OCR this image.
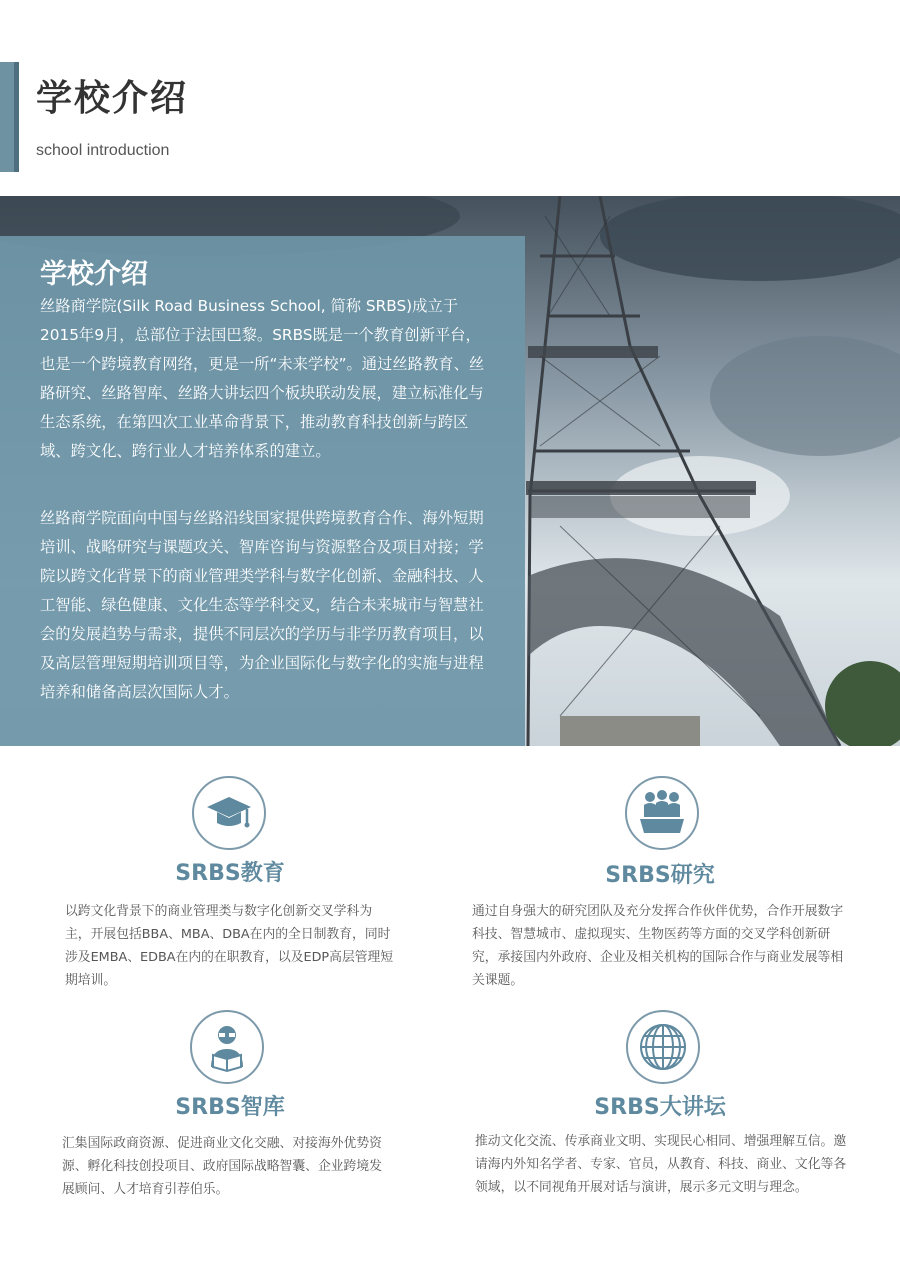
学校介绍
school introduction
学校介绍

丝路商学院(Silk Road Business School, 简称 SRBS)成立于2015年9月，总部位于法国巴黎。SRBS既是一个教育创新平台，也是一个跨境教育网络，更是一所“未来学校”。通过丝路教育、丝路研究、丝路智库、丝路大讲坛四个板块联动发展，建立标准化与生态系统，在第四次工业革命背景下，推动教育科技创新与跨区域、跨文化、跨行业人才培养体系的建立。

丝路商学院面向中国与丝路沿线国家提供跨境教育合作、海外短期培训、战略研究与课题攻关、智库咨询与资源整合及项目对接；学院以跨文化背景下的商业管理类学科与数字化创新、金融科技、人工智能、绿色健康、文化生态等学科交叉，结合未来城市与智慧社会的发展趋势与需求，提供不同层次的学历与非学历教育项目，以及高层管理短期培训项目等，为企业国际化与数字化的实施与进程培养和储备高层次国际人才。

SRBS教育

以跨文化背景下的商业管理类与数字化创新交叉学科为主，开展包括BBA、MBA、DBA在内的全日制教育，同时涉及EMBA、EDBA在内的在职教育，以及EDP高层管理短期培训。

SRBS研究

通过自身强大的研究团队及充分发挥合作伙伴优势，合作开展数字科技、智慧城市、虚拟现实、生物医药等方面的交叉学科创新研究，承接国内外政府、企业及相关机构的国际合作与商业发展等相关课题。

SRBS智库

汇集国际政商资源、促进商业文化交融、对接海外优势资源、孵化科技创投项目、政府国际战略智囊、企业跨境发展顾问、人才培育引荐伯乐。

SRBS大讲坛

推动文化交流、传承商业文明、实现民心相同、增强理解互信。邀请海内外知名学者、专家、官员，从教育、科技、商业、文化等各领域，以不同视角开展对话与演讲，展示多元文明与理念。
